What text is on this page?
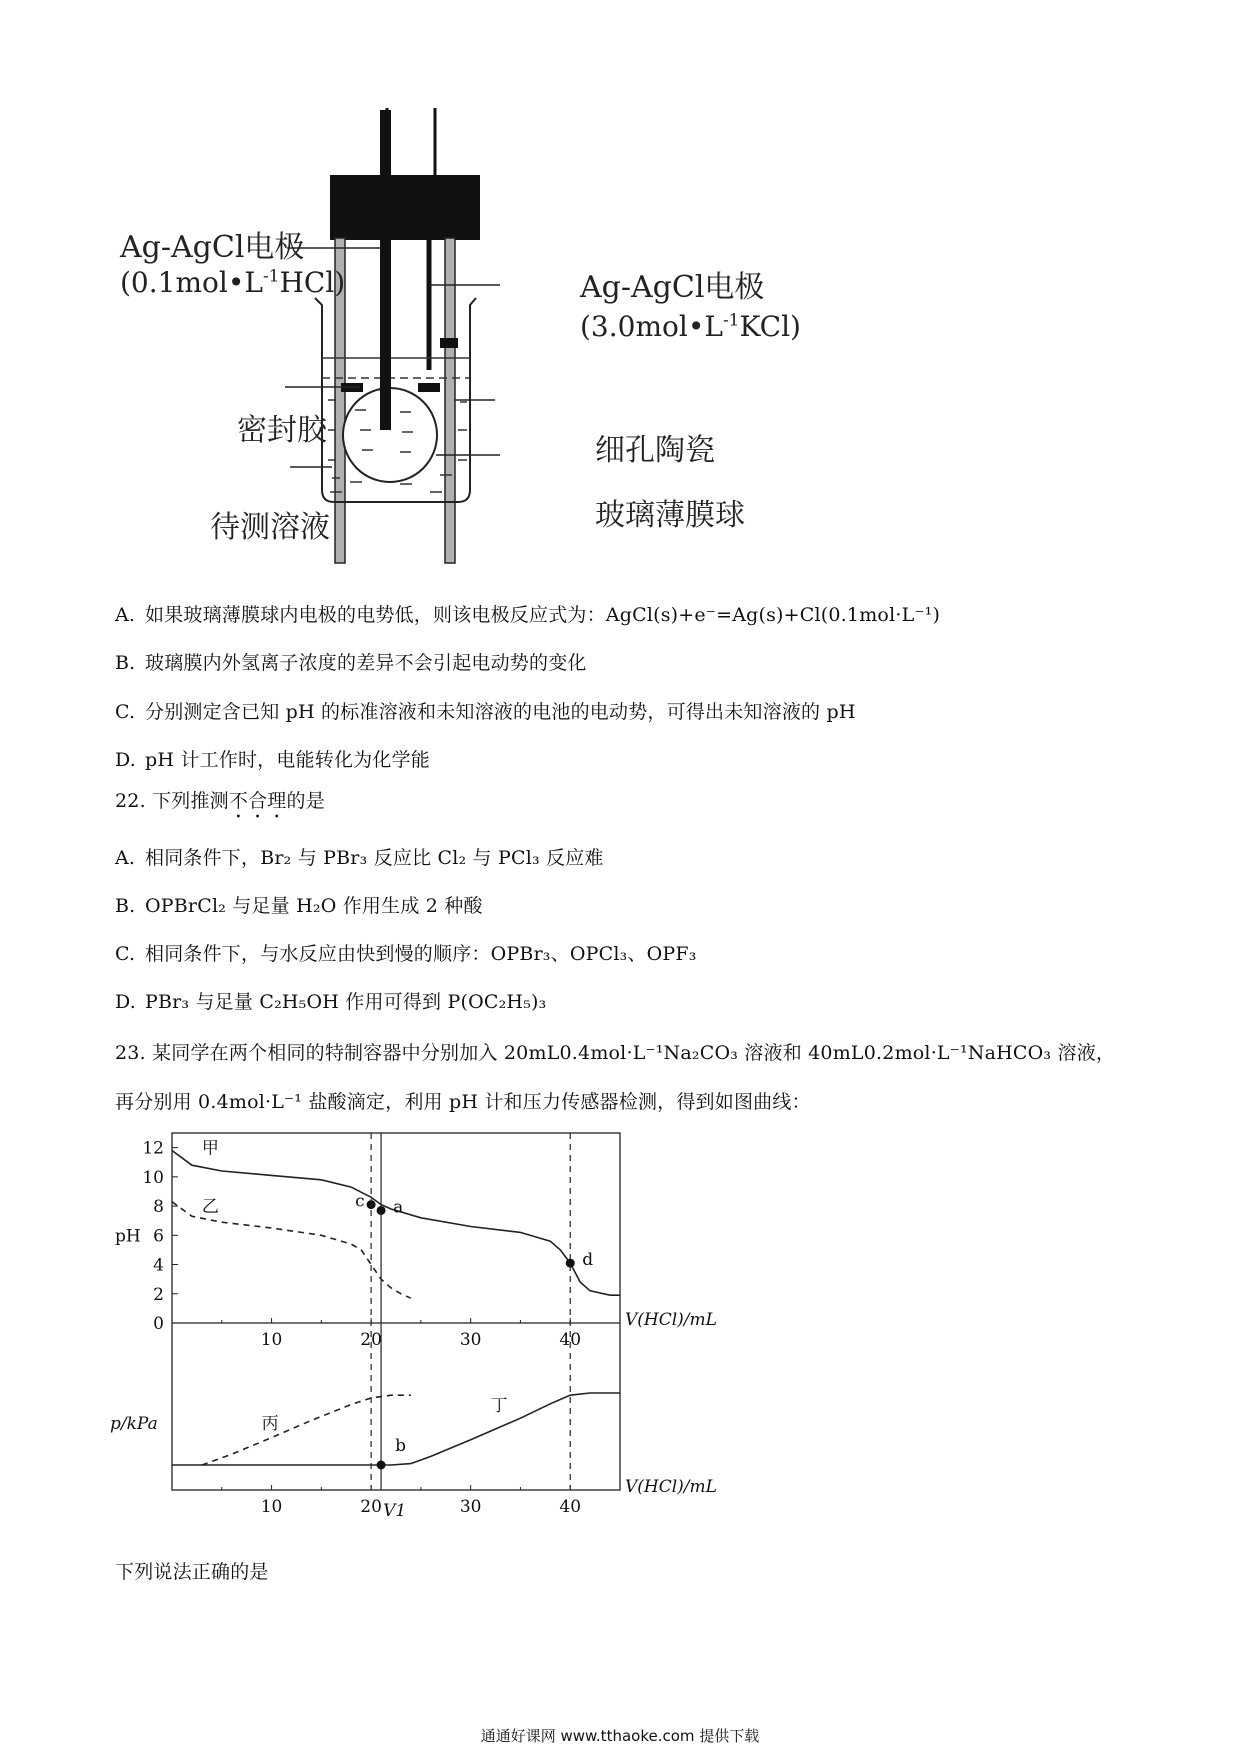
Ag-AgCl电极
$(0.1mol•L^{-1}HCl)$	Ag-AgCl电极
$(3.0mol•L^{-1}KCl)$
密封胶
细孔陶瓷
待测溶液	玻璃薄膜球
A. 如果玻璃薄膜球内电极的电势低，则该电极反应式为：AgCl(s)+e⁻=Ag(s)+Cl(0.1mol·L⁻¹)
B. 玻璃膜内外氢离子浓度的差异不会引起电动势的变化
C. 分别测定含已知 pH 的标准溶液和未知溶液的电池的电动势，可得出未知溶液的 pH
D. pH 计工作时，电能转化为化学能
22. 下列推测不合理的是
A. 相同条件下，Br₂ 与 PBr₃ 反应比 Cl₂ 与 PCl₃ 反应难
B. OPBrCl₂ 与足量 H₂O 作用生成 2 种酸
C. 相同条件下，与水反应由快到慢的顺序：OPBr₃、OPCl₃、OPF₃
D. PBr₃ 与足量 C₂H₅OH 作用可得到 P(OC₂H₅)₃
23. 某同学在两个相同的特制容器中分别加入 20mL0.4mol·L⁻¹Na₂CO₃ 溶液和 40mL0.2mol·L⁻¹NaHCO₃ 溶液，
再分别用 0.4mol·L⁻¹ 盐酸滴定，利用 pH 计和压力传感器检测，得到如图曲线：
0
2
4
6
8
10
12
pH
V(HCl)/mL
10	20	30	40
甲
乙	c a
d
p/kPa
V(HCl)/mL
10	20	30	40
V1
丙
丁
b
下列说法正确的是
通通好课网 www.tthaoke.com 提供下载
